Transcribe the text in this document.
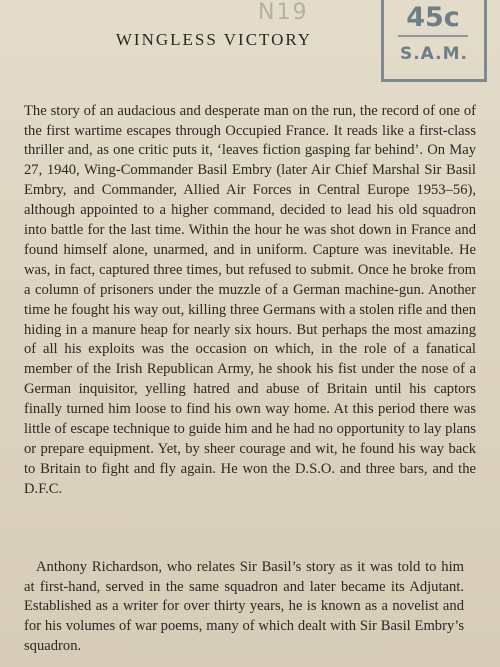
N19	45c
S.A.M.
WINGLESS VICTORY

The story of an audacious and desperate man on the run, the record of one of the first wartime escapes through Occupied France. It reads like a first-class thriller and, as one critic puts it, ‘leaves fiction gasping far behind’. On May 27, 1940, Wing-Commander Basil Embry (later Air Chief Marshal Sir Basil Embry, and Commander, Allied Air Forces in Central Europe 1953–56), although appointed to a higher command, decided to lead his old squadron into battle for the last time. Within the hour he was shot down in France and found himself alone, unarmed, and in uniform. Capture was inevitable. He was, in fact, captured three times, but refused to submit. Once he broke from a column of prisoners under the muzzle of a German machine-gun. Another time he fought his way out, killing three Germans with a stolen rifle and then hiding in a manure heap for nearly six hours. But perhaps the most amazing of all his exploits was the occasion on which, in the role of a fanatical member of the Irish Republican Army, he shook his fist under the nose of a German inquisitor, yelling hatred and abuse of Britain until his captors finally turned him loose to find his own way home. At this period there was little of escape technique to guide him and he had no opportunity to lay plans or prepare equipment. Yet, by sheer courage and wit, he found his way back to Britain to fight and fly again. He won the D.S.O. and three bars, and the D.F.C.

Anthony Richardson, who relates Sir Basil’s story as it was told to him at first-hand, served in the same squadron and later became its Adjutant. Established as a writer for over thirty years, he is known as a novelist and for his volumes of war poems, many of which dealt with Sir Basil Embry’s squadron.
